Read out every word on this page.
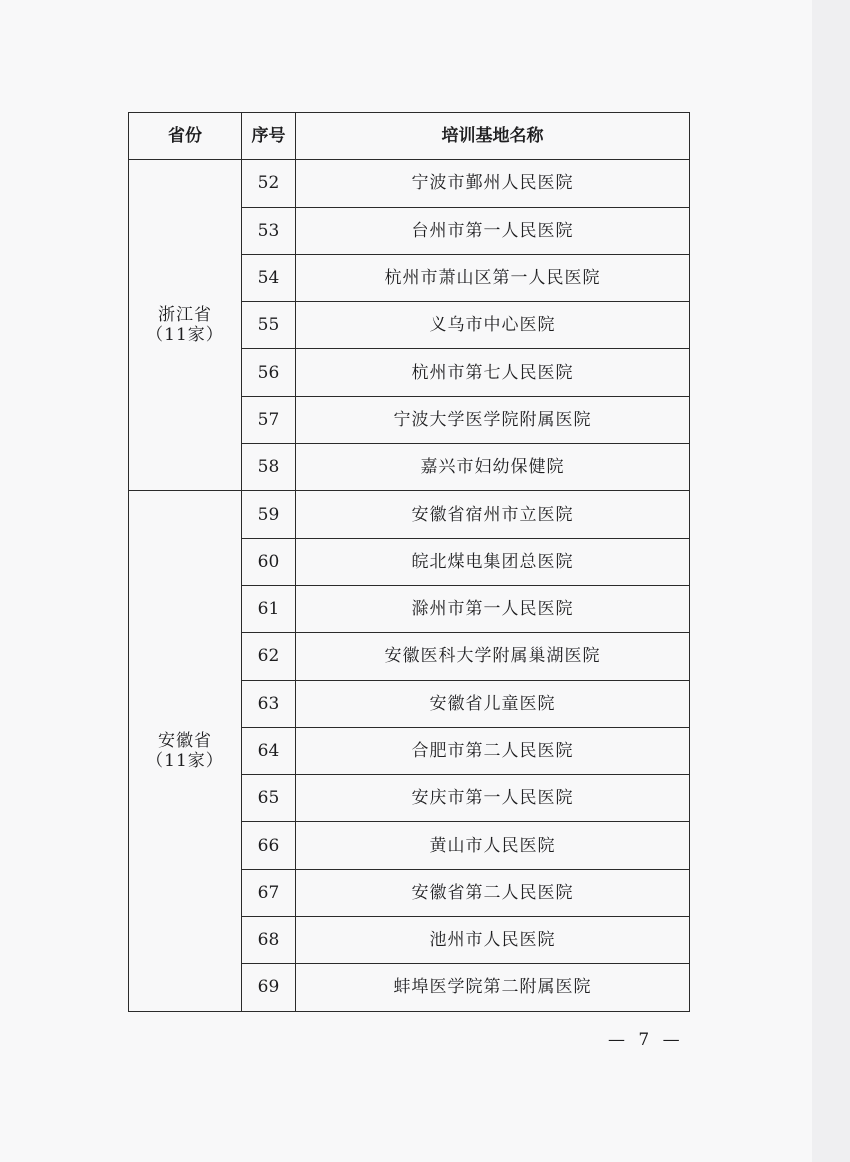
省份	序号	培训基地名称

浙江省
（11家）	52	宁波市鄞州人民医院
	53	台州市第一人民医院
	54	杭州市萧山区第一人民医院
	55	义乌市中心医院
	56	杭州市第七人民医院
	57	宁波大学医学院附属医院
	58	嘉兴市妇幼保健院

安徽省
（11家）	59	安徽省宿州市立医院
	60	皖北煤电集团总医院
	61	滁州市第一人民医院
	62	安徽医科大学附属巢湖医院
	63	安徽省儿童医院
	64	合肥市第二人民医院
	65	安庆市第一人民医院
	66	黄山市人民医院
	67	安徽省第二人民医院
	68	池州市人民医院
	69	蚌埠医学院第二附属医院
— 7 —
